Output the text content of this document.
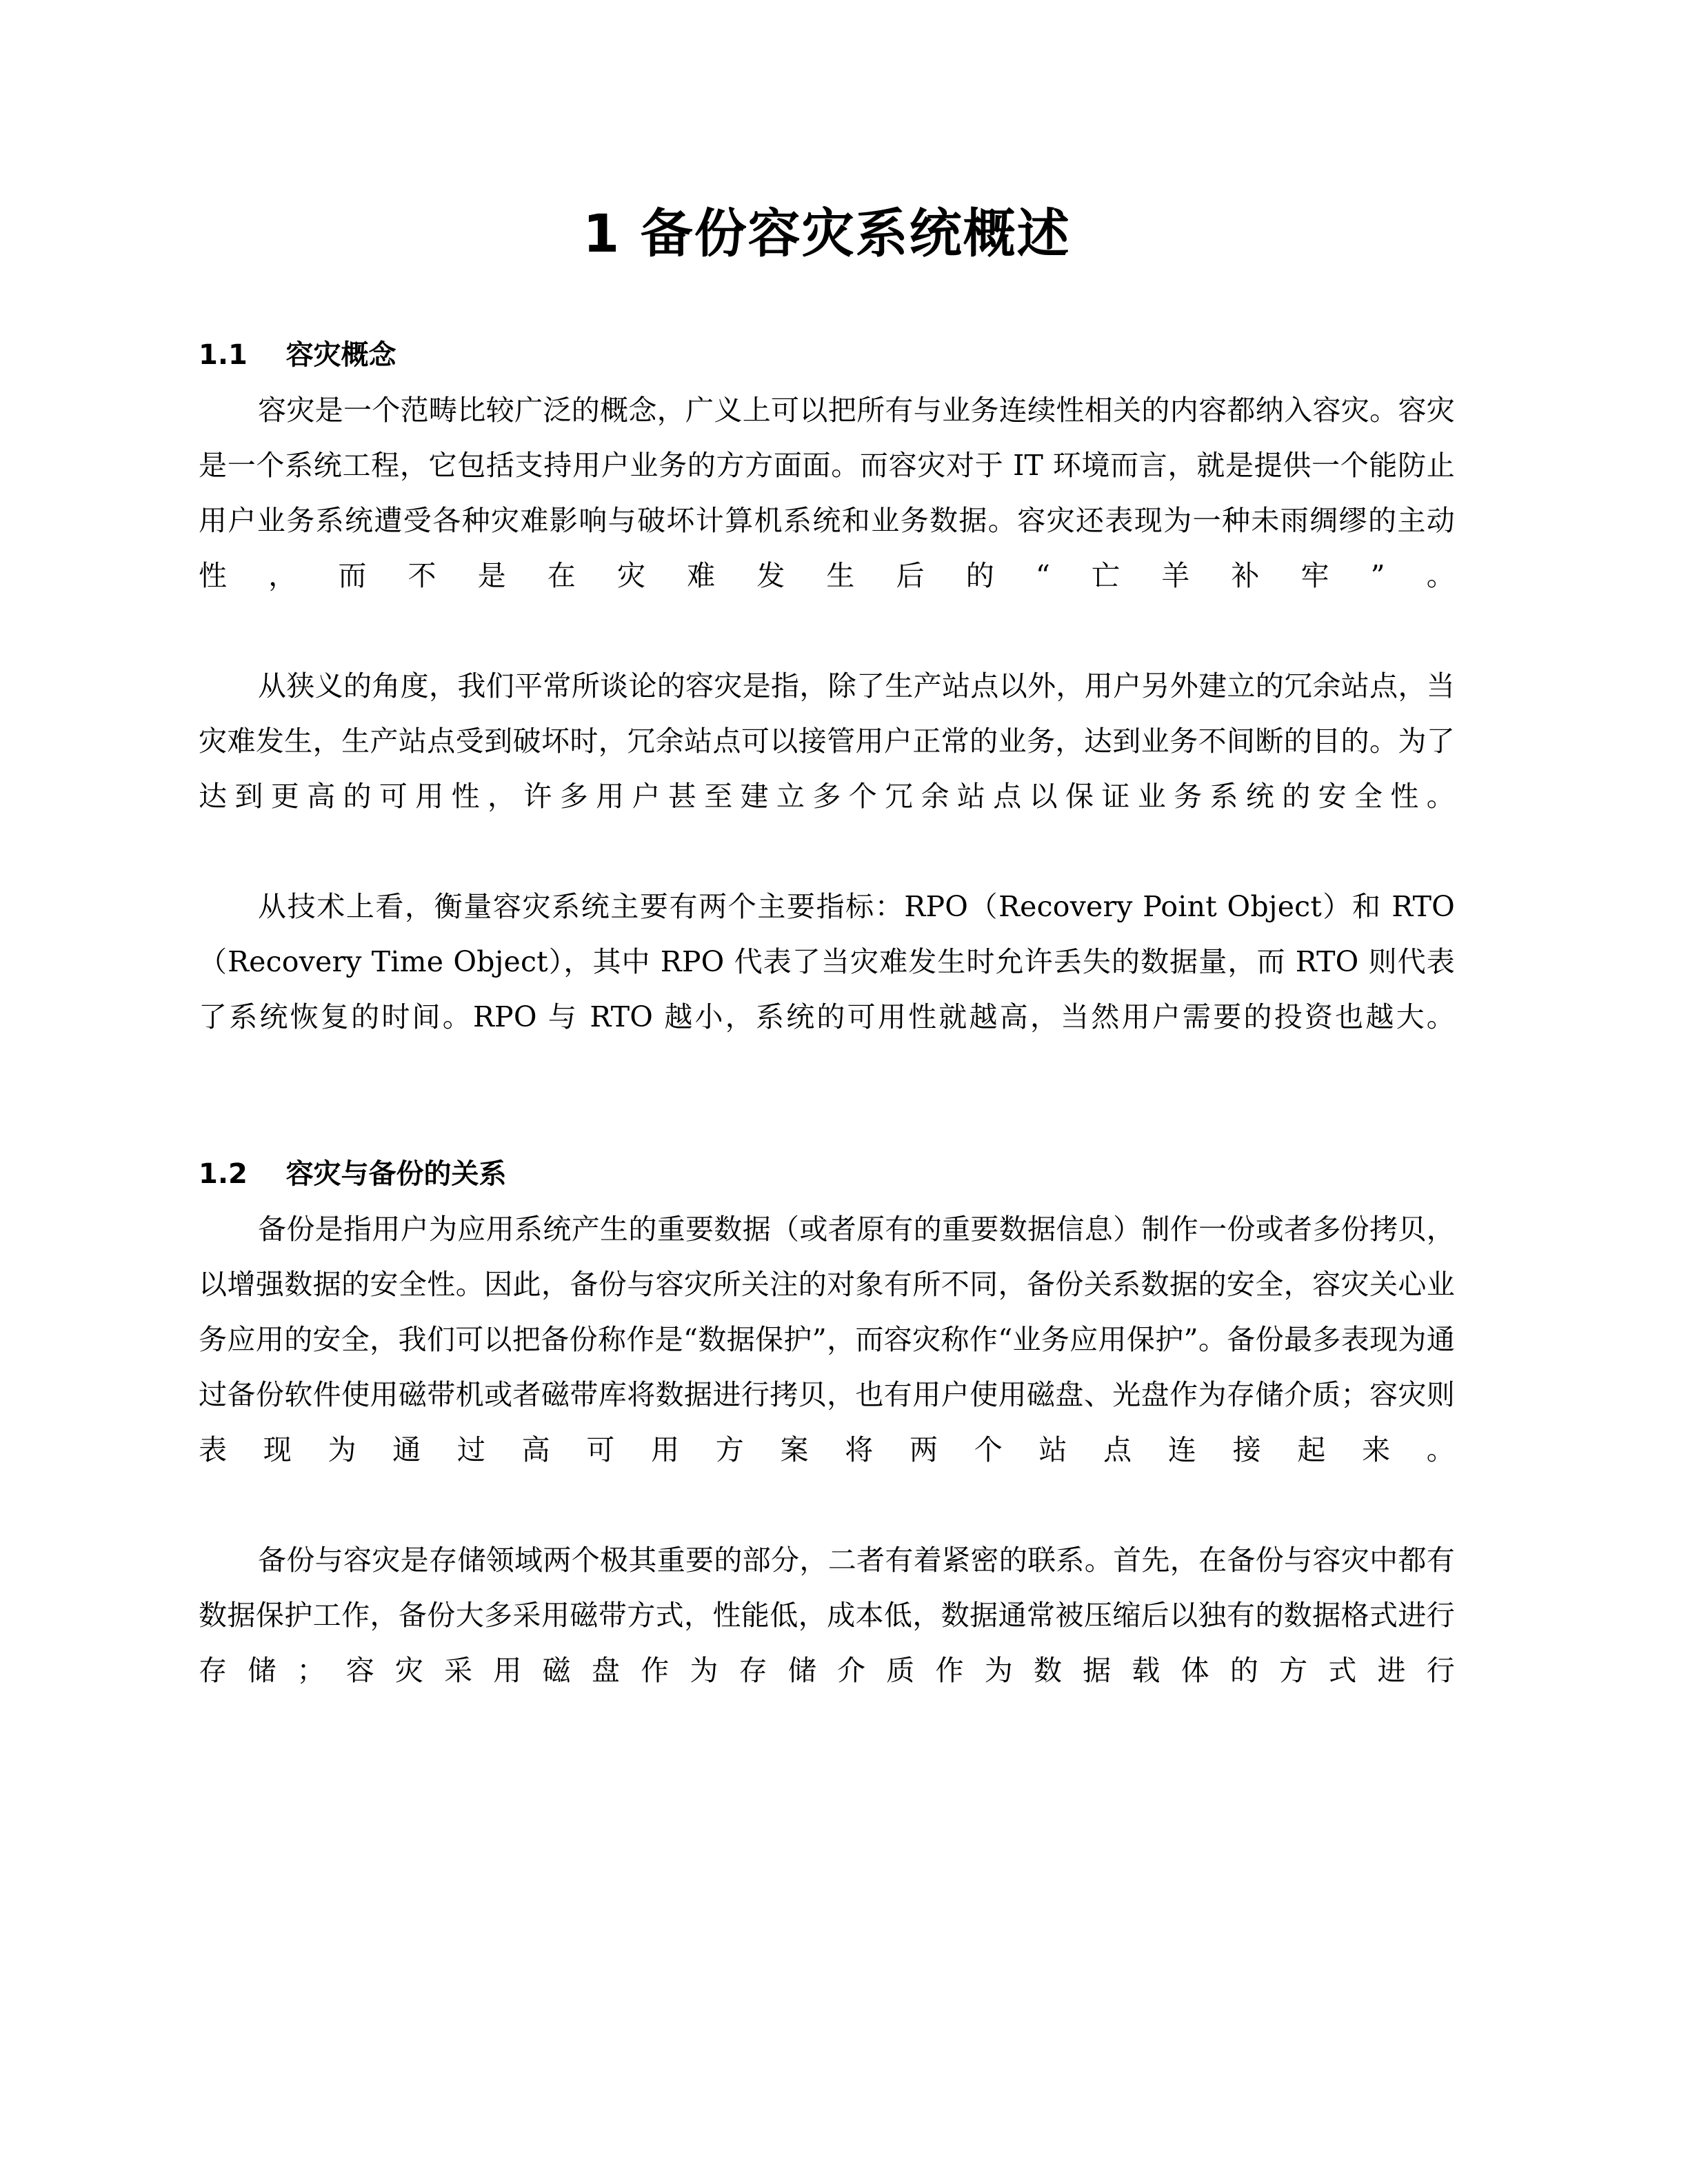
1 备份容灾系统概述
1.1    容灾概念

容灾是一个范畴比较广泛的概念，广义上可以把所有与业务连续性相关的内容都纳入容灾。容灾是一个系统工程，它包括支持用户业务的方方面面。而容灾对于 IT 环境而言，就是提供一个能防止用户业务系统遭受各种灾难影响与破坏计算机系统和业务数据。容灾还表现为一种未雨绸缪的主动性，而不是在灾难发生后的“亡羊补牢”。

从狭义的角度，我们平常所谈论的容灾是指，除了生产站点以外，用户另外建立的冗余站点，当灾难发生，生产站点受到破坏时，冗余站点可以接管用户正常的业务，达到业务不间断的目的。为了达到更高的可用性，许多用户甚至建立多个冗余站点以保证业务系统的安全性。

从技术上看，衡量容灾系统主要有两个主要指标：RPO（Recovery Point Object）和 RTO（Recovery Time Object），其中 RPO 代表了当灾难发生时允许丢失的数据量，而 RTO 则代表了系统恢复的时间。RPO 与 RTO 越小，系统的可用性就越高，当然用户需要的投资也越大。

1.2    容灾与备份的关系

备份是指用户为应用系统产生的重要数据（或者原有的重要数据信息）制作一份或者多份拷贝，以增强数据的安全性。因此，备份与容灾所关注的对象有所不同，备份关系数据的安全，容灾关心业务应用的安全，我们可以把备份称作是“数据保护”，而容灾称作“业务应用保护”。备份最多表现为通过备份软件使用磁带机或者磁带库将数据进行拷贝，也有用户使用磁盘、光盘作为存储介质；容灾则表现为通过高可用方案将两个站点连接起来。

备份与容灾是存储领域两个极其重要的部分，二者有着紧密的联系。首先，在备份与容灾中都有数据保护工作，备份大多采用磁带方式，性能低，成本低，数据通常被压缩后以独有的数据格式进行存储；容灾采用磁盘作为存储介质作为数据载体的方式进行
